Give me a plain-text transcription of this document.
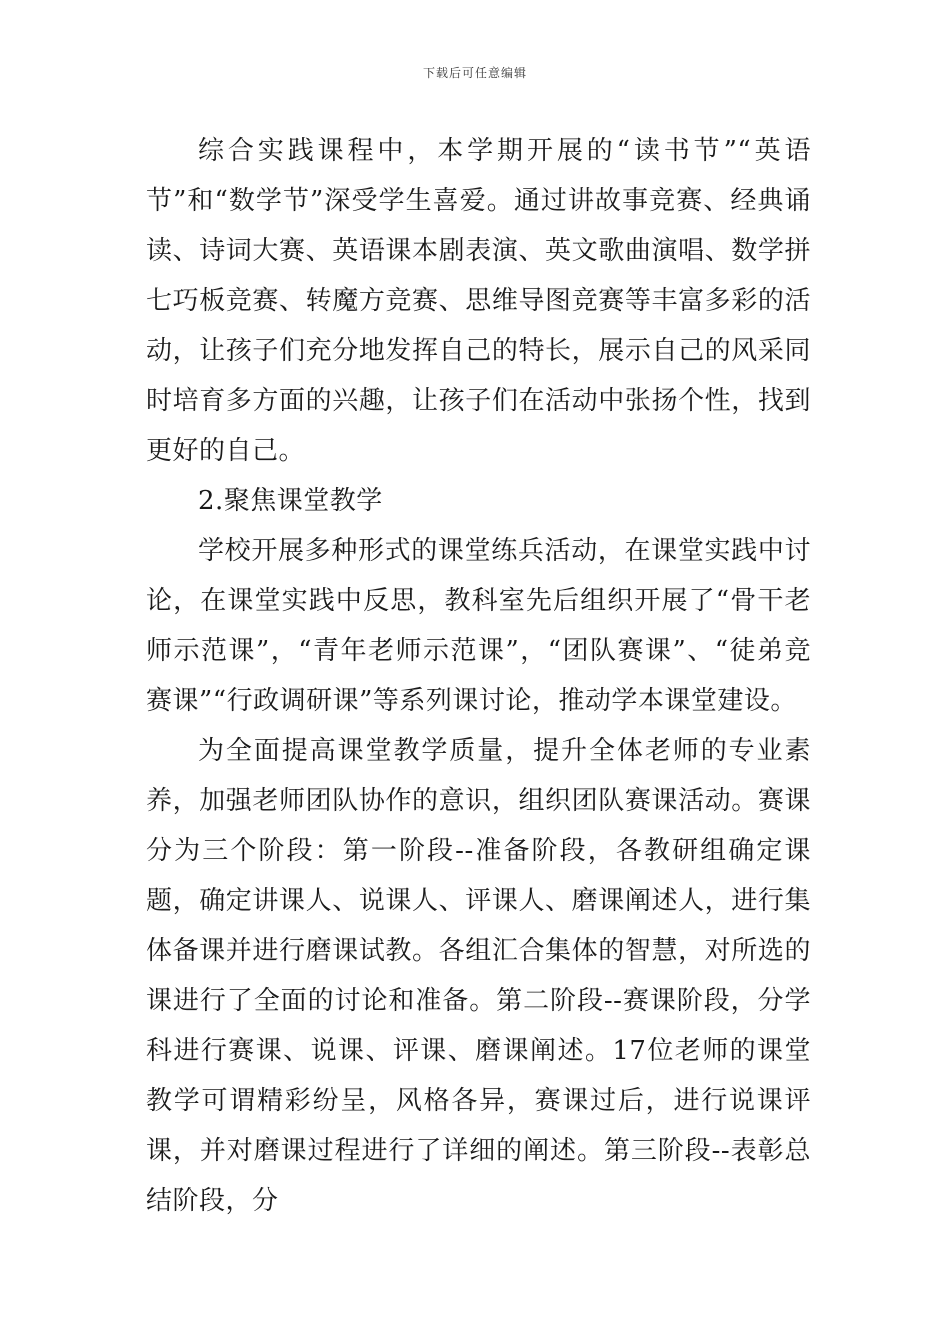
下载后可任意编辑

综合实践课程中，本学期开展的“读书节”“英语节”和“数学节”深受学生喜爱。通过讲故事竞赛、经典诵读、诗词大赛、英语课本剧表演、英文歌曲演唱、数学拼七巧板竞赛、转魔方竞赛、思维导图竞赛等丰富多彩的活动，让孩子们充分地发挥自己的特长，展示自己的风采同时培育多方面的兴趣，让孩子们在活动中张扬个性，找到更好的自己。

2.聚焦课堂教学

学校开展多种形式的课堂练兵活动，在课堂实践中讨论，在课堂实践中反思，教科室先后组织开展了“骨干老师示范课”，“青年老师示范课”，“团队赛课”、“徒弟竞赛课”“行政调研课”等系列课讨论，推动学本课堂建设。

为全面提高课堂教学质量，提升全体老师的专业素养，加强老师团队协作的意识，组织团队赛课活动。赛课分为三个阶段：第一阶段--准备阶段，各教研组确定课题，确定讲课人、说课人、评课人、磨课阐述人，进行集体备课并进行磨课试教。各组汇合集体的智慧，对所选的课进行了全面的讨论和准备。第二阶段--赛课阶段，分学科进行赛课、说课、评课、磨课阐述。17位老师的课堂教学可谓精彩纷呈，风格各异，赛课过后，进行说课评课，并对磨课过程进行了详细的阐述。第三阶段--表彰总结阶段，分
